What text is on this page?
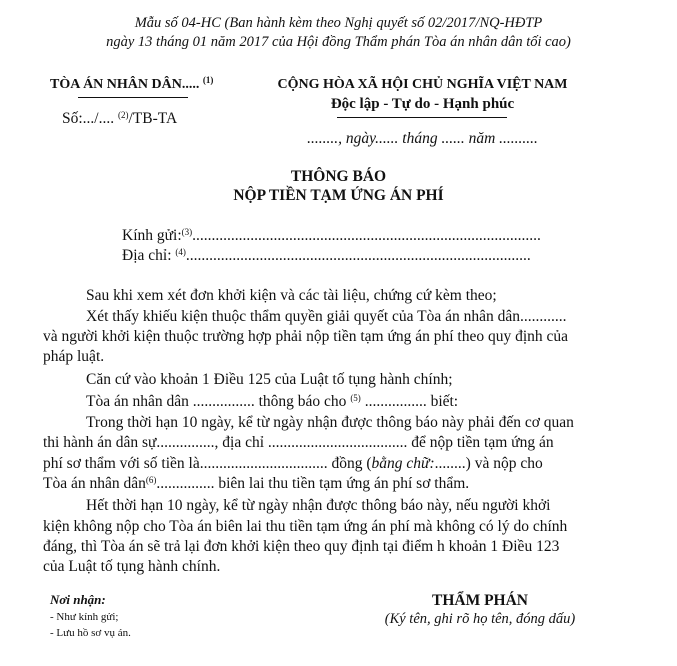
Mẫu số 04-HC (Ban hành kèm theo Nghị quyết số 02/2017/NQ-HĐTP
ngày 13 tháng 01 năm 2017 của Hội đồng Thẩm phán Tòa án nhân dân tối cao)
TÒA ÁN NHÂN DÂN..... $^{(1)}$
Số:.../.... $^{(2)}$/TB-TA
CỘNG HÒA XÃ HỘI CHỦ NGHĨA VIỆT NAM
Độc lập - Tự do - Hạnh phúc
........, ngày...... tháng ...... năm ..........
THÔNG BÁO
NỘP TIỀN TẠM ỨNG ÁN PHÍ
Kính gửi:$^{(3)}$..........................................................................................
Địa chỉ: $^{(4)}$.........................................................................................
Sau khi xem xét đơn khởi kiện và các tài liệu, chứng cứ kèm theo;
Xét thấy khiếu kiện thuộc thẩm quyền giải quyết của Tòa án nhân dân............
và người khởi kiện thuộc trường hợp phải nộp tiền tạm ứng án phí theo quy định của
pháp luật.
Căn cứ vào khoản 1 Điều 125 của Luật tố tụng hành chính;
Tòa án nhân dân ................ thông báo cho $^{(5)}$ ................ biết:
Trong thời hạn 10 ngày, kể từ ngày nhận được thông báo này phải đến cơ quan
thi hành án dân sự..............., địa chỉ .................................... để nộp tiền tạm ứng án
phí sơ thẩm với số tiền là................................. đồng (bằng chữ:........) và nộp cho
Tòa án nhân dân$^{(6)}$............... biên lai thu tiền tạm ứng án phí sơ thẩm.
Hết thời hạn 10 ngày, kể từ ngày nhận được thông báo này, nếu người khởi
kiện không nộp cho Tòa án biên lai thu tiền tạm ứng án phí mà không có lý do chính
đáng, thì Tòa án sẽ trả lại đơn khởi kiện theo quy định tại điểm h khoản 1 Điều 123
của Luật tố tụng hành chính.
Nơi nhận:
- Như kính gửi;
- Lưu hồ sơ vụ án.
THẨM PHÁN
(Ký tên, ghi rõ họ tên, đóng dấu)
